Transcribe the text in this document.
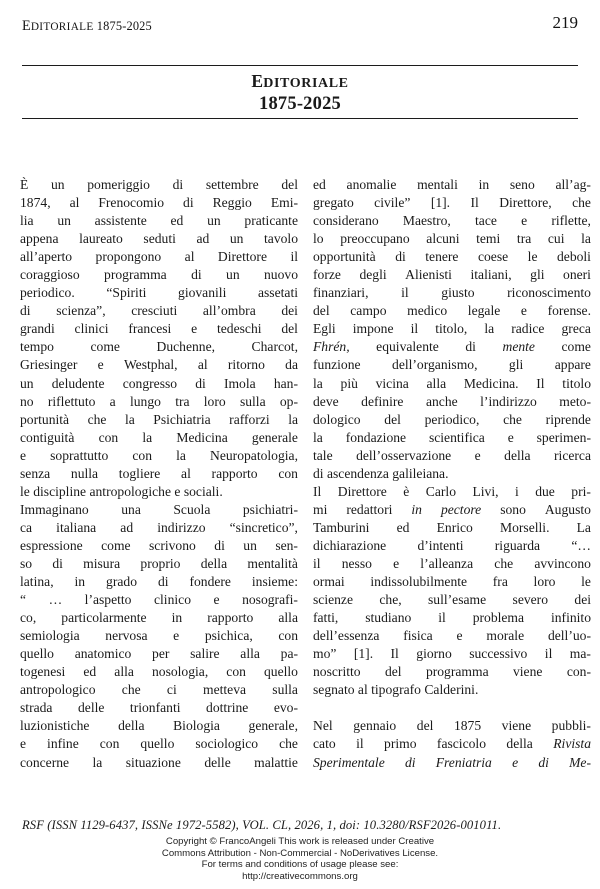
EDITORIALE 1875-2025	219
EDITORIALE
1875-2025
È un pomeriggio di settembre del
1874, al Frenocomio di Reggio Emi-
lia un assistente ed un praticante
appena laureato seduti ad un tavolo
all’aperto propongono al Direttore il
coraggioso programma di un nuovo
periodico. “Spiriti giovanili assetati
di scienza”, cresciuti all’ombra dei
grandi clinici francesi e tedeschi del
tempo	come	Duchenne,	Charcot,
Griesinger e Westphal, al ritorno da
un deludente congresso di Imola han-
no riflettuto a lungo tra loro sulla op-
portunità che la Psichiatria rafforzi la
contiguità con la Medicina generale
e soprattutto con la Neuropatologia,
senza nulla togliere al rapporto con
le discipline antropologiche e sociali.
Immaginano una Scuola psichiatri-
ca italiana ad indirizzo “sincretico”,
espressione come scrivono di un sen-
so di misura proprio della mentalità
latina, in grado di fondere insieme:
“ … l’aspetto clinico e nosografi-
co, particolarmente in rapporto alla
semiologia nervosa e psichica, con
quello anatomico per salire alla pa-
togenesi ed alla nosologia, con quello
antropologico che ci metteva sulla
strada delle trionfanti dottrine evo-
luzionistiche della Biologia generale,
e infine con quello sociologico che
concerne la situazione delle malattie
ed anomalie mentali in seno all’ag-
gregato civile” [1]. Il Direttore, che
considerano Maestro, tace e riflette,
lo preoccupano alcuni temi tra cui la
opportunità di tenere coese le deboli
forze degli Alienisti italiani, gli oneri
finanziari, il giusto riconoscimento
del campo medico legale e forense.
Egli impone il titolo, la radice greca
Fhrén, equivalente di mente come
funzione dell’organismo, gli appare
la più vicina alla Medicina. Il titolo
deve definire anche l’indirizzo meto-
dologico del periodico, che riprende
la fondazione scientifica e sperimen-
tale dell’osservazione e della ricerca
di ascendenza galileiana.
Il Direttore è Carlo Livi, i due pri-
mi redattori in pectore sono Augusto
Tamburini ed Enrico Morselli. La
dichiarazione d’intenti riguarda “…
il nesso e l’alleanza che avvincono
ormai indissolubilmente fra loro le
scienze che, sull’esame severo dei
fatti, studiano il problema infinito
dell’essenza fisica e morale dell’uo-
mo” [1]. Il giorno successivo il ma-
noscritto del programma viene con-
segnato al tipografo Calderini.
Nel gennaio del 1875 viene pubbli-
cato il primo fascicolo della Rivista
Sperimentale di Freniatria e di Me-
RSF (ISSN 1129-6437, ISSNe 1972-5582), VOL. CL, 2026, 1, doi: 10.3280/RSF2026-001011.
Copyright © FrancoAngeli This work is released under Creative
Commons Attribution - Non-Commercial - NoDerivatives License.
For terms and conditions of usage please see:
http://creativecommons.org
